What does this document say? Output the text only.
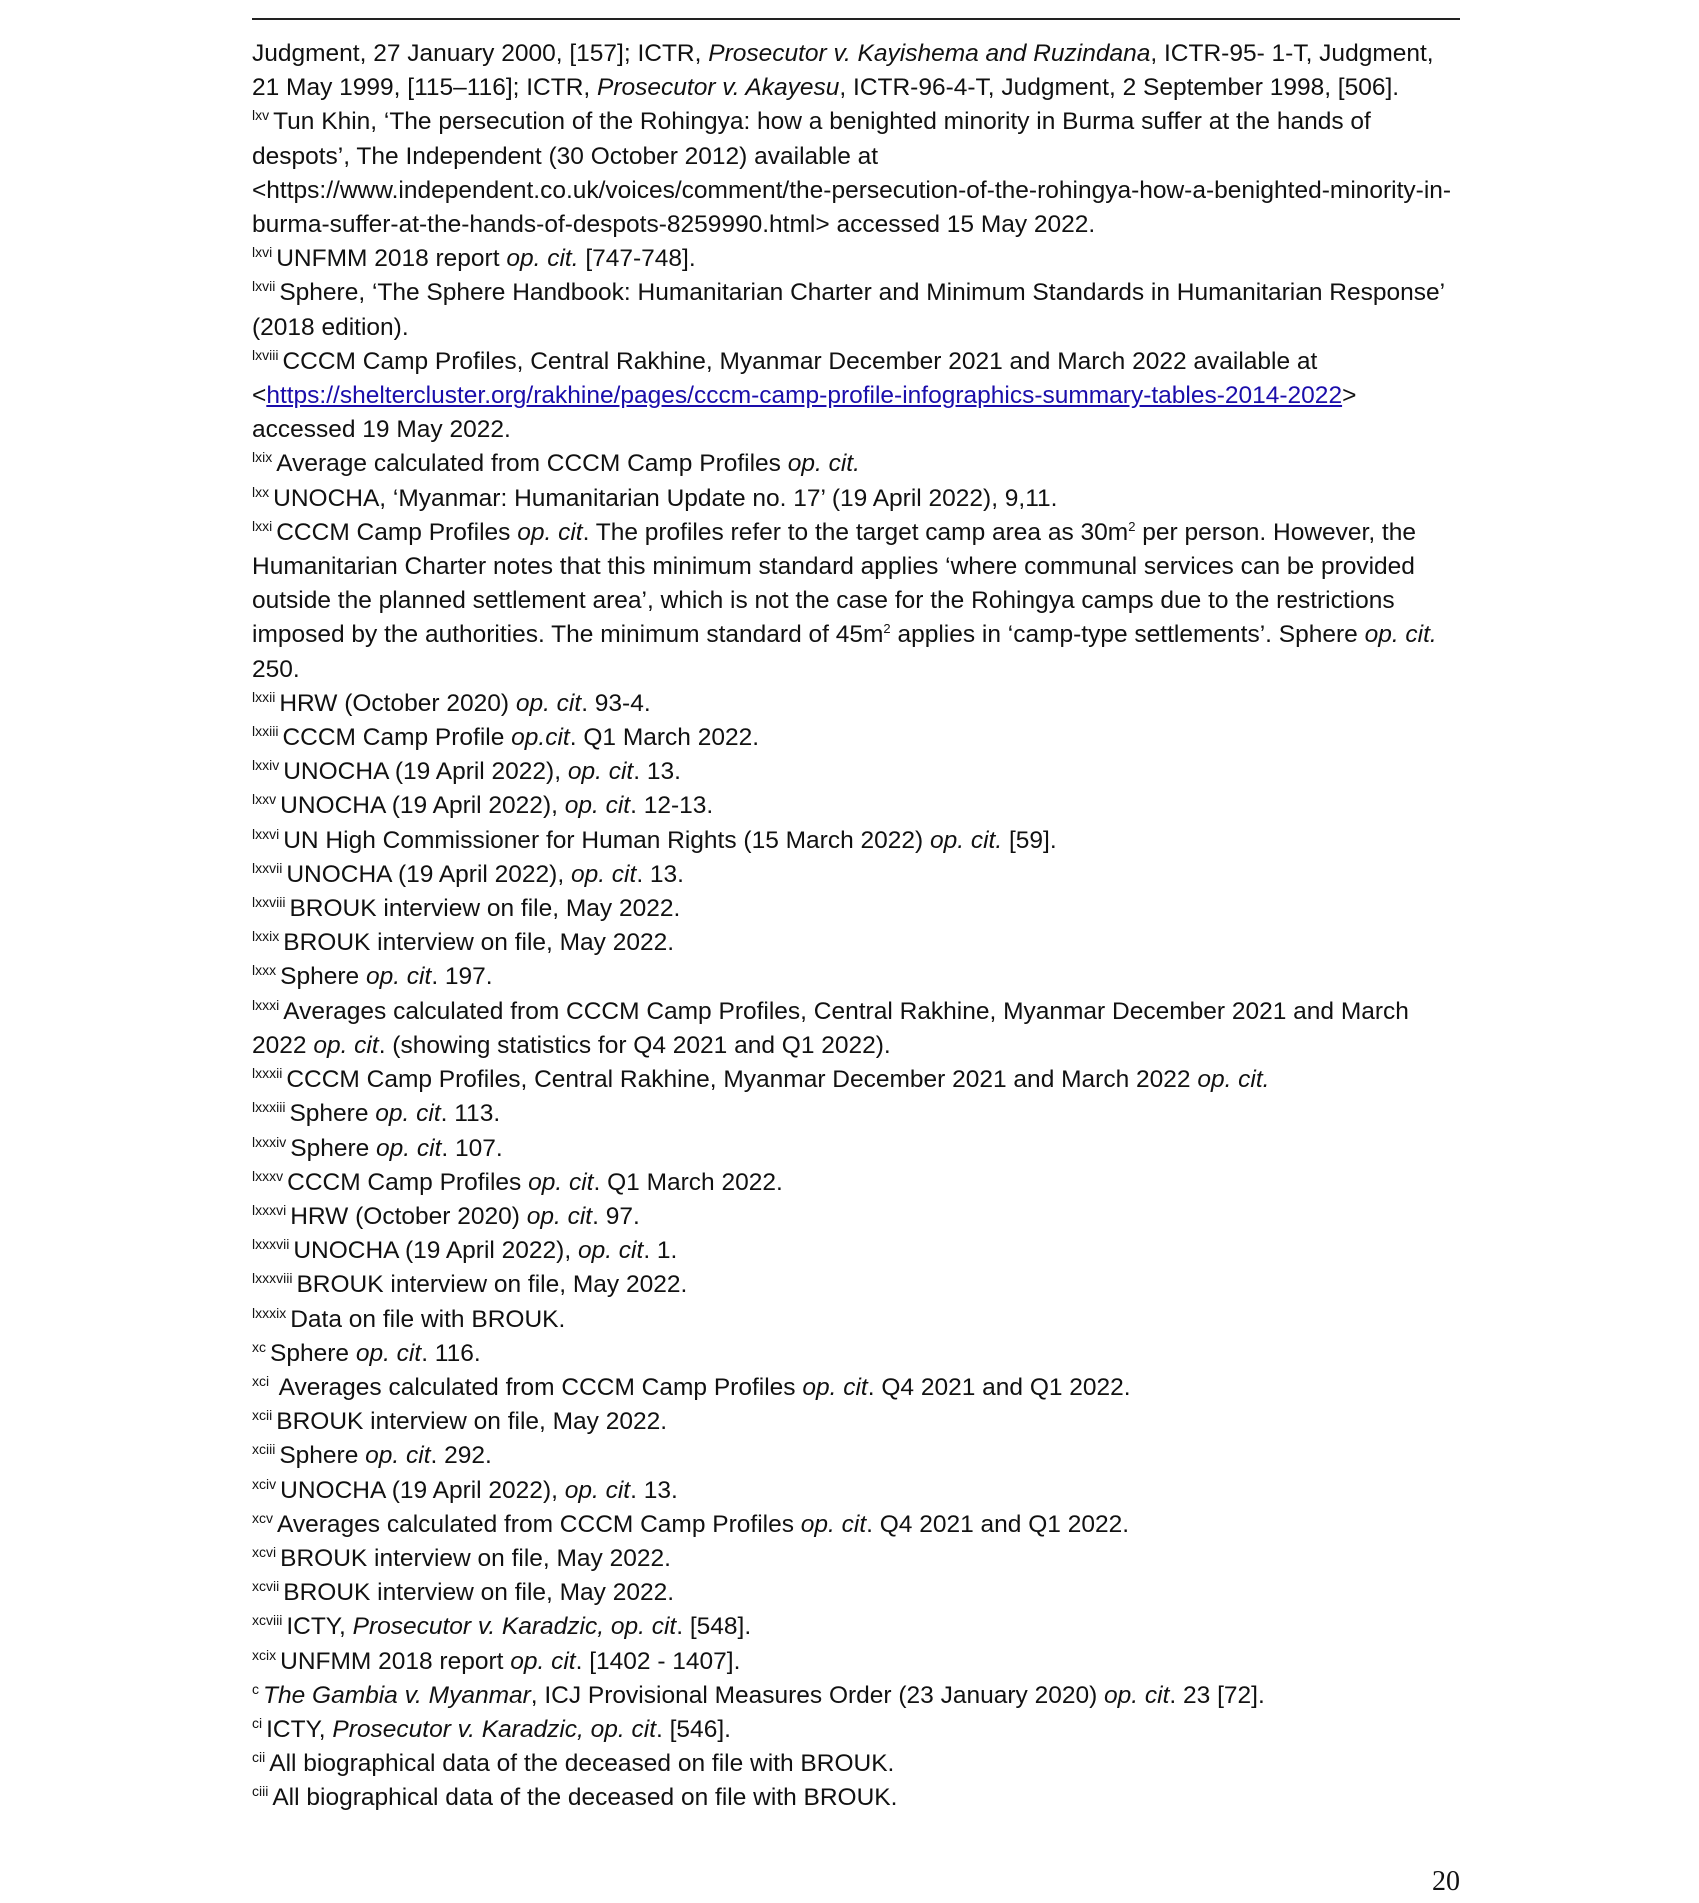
Judgment, 27 January 2000, [157]; ICTR, Prosecutor v. Kayishema and Ruzindana, ICTR-95- 1-T, Judgment, 21 May 1999, [115–116]; ICTR, Prosecutor v. Akayesu, ICTR-96-4-T, Judgment, 2 September 1998, [506].

$^{lxv}$ Tun Khin, ‘The persecution of the Rohingya: how a benighted minority in Burma suffer at the hands of despots’, The Independent (30 October 2012) available at <https://www.independent.co.uk/voices/comment/the-persecution-of-the-rohingya-how-a-benighted-minority-in-burma-suffer-at-the-hands-of-despots-8259990.html> accessed 15 May 2022.

$^{lxvi}$ UNFMM 2018 report op. cit. [747-748].

$^{lxvii}$ Sphere, ‘The Sphere Handbook: Humanitarian Charter and Minimum Standards in Humanitarian Response’ (2018 edition).

$^{lxviii}$ CCCM Camp Profiles, Central Rakhine, Myanmar December 2021 and March 2022 available at <https://sheltercluster.org/rakhine/pages/cccm-camp-profile-infographics-summary-tables-2014-2022> accessed 19 May 2022.

$^{lxix}$ Average calculated from CCCM Camp Profiles op. cit.

$^{lxx}$ UNOCHA, ‘Myanmar: Humanitarian Update no. 17’ (19 April 2022), 9,11.

$^{lxxi}$ CCCM Camp Profiles op. cit. The profiles refer to the target camp area as $30m^2$ per person. However, the Humanitarian Charter notes that this minimum standard applies ‘where communal services can be provided outside the planned settlement area’, which is not the case for the Rohingya camps due to the restrictions imposed by the authorities. The minimum standard of $45m^2$ applies in ‘camp-type settlements’. Sphere op. cit. 250.

$^{lxxii}$ HRW (October 2020) op. cit. 93-4.

$^{lxxiii}$ CCCM Camp Profile op.cit. Q1 March 2022.

$^{lxxiv}$ UNOCHA (19 April 2022), op. cit. 13.

$^{lxxv}$ UNOCHA (19 April 2022), op. cit. 12-13.

$^{lxxvi}$ UN High Commissioner for Human Rights (15 March 2022) op. cit. [59].

$^{lxxvii}$ UNOCHA (19 April 2022), op. cit. 13.

$^{lxxviii}$ BROUK interview on file, May 2022.

$^{lxxix}$ BROUK interview on file, May 2022.

$^{lxxx}$ Sphere op. cit. 197.

$^{lxxxi}$ Averages calculated from CCCM Camp Profiles, Central Rakhine, Myanmar December 2021 and March 2022 op. cit. (showing statistics for Q4 2021 and Q1 2022).

$^{lxxxii}$ CCCM Camp Profiles, Central Rakhine, Myanmar December 2021 and March 2022 op. cit.

$^{lxxxiii}$ Sphere op. cit. 113.

$^{lxxxiv}$ Sphere op. cit. 107.

$^{lxxxv}$ CCCM Camp Profiles op. cit. Q1 March 2022.

$^{lxxxvi}$ HRW (October 2020) op. cit. 97.

$^{lxxxvii}$ UNOCHA (19 April 2022), op. cit. 1.

$^{lxxxviii}$ BROUK interview on file, May 2022.

$^{lxxxix}$ Data on file with BROUK.

$^{xc}$ Sphere op. cit. 116.

$^{xci}$ Averages calculated from CCCM Camp Profiles op. cit. Q4 2021 and Q1 2022.

$^{xcii}$ BROUK interview on file, May 2022.

$^{xciii}$ Sphere op. cit. 292.

$^{xciv}$ UNOCHA (19 April 2022), op. cit. 13.

$^{xcv}$ Averages calculated from CCCM Camp Profiles op. cit. Q4 2021 and Q1 2022.

$^{xcvi}$ BROUK interview on file, May 2022.

$^{xcvii}$ BROUK interview on file, May 2022.

$^{xcviii}$ ICTY, Prosecutor v. Karadzic, op. cit. [548].

$^{xcix}$ UNFMM 2018 report op. cit. [1402 - 1407].

$^c$ The Gambia v. Myanmar, ICJ Provisional Measures Order (23 January 2020) op. cit. 23 [72].

$^{ci}$ ICTY, Prosecutor v. Karadzic, op. cit. [546].

$^{cii}$ All biographical data of the deceased on file with BROUK.

$^{ciii}$ All biographical data of the deceased on file with BROUK.

20
